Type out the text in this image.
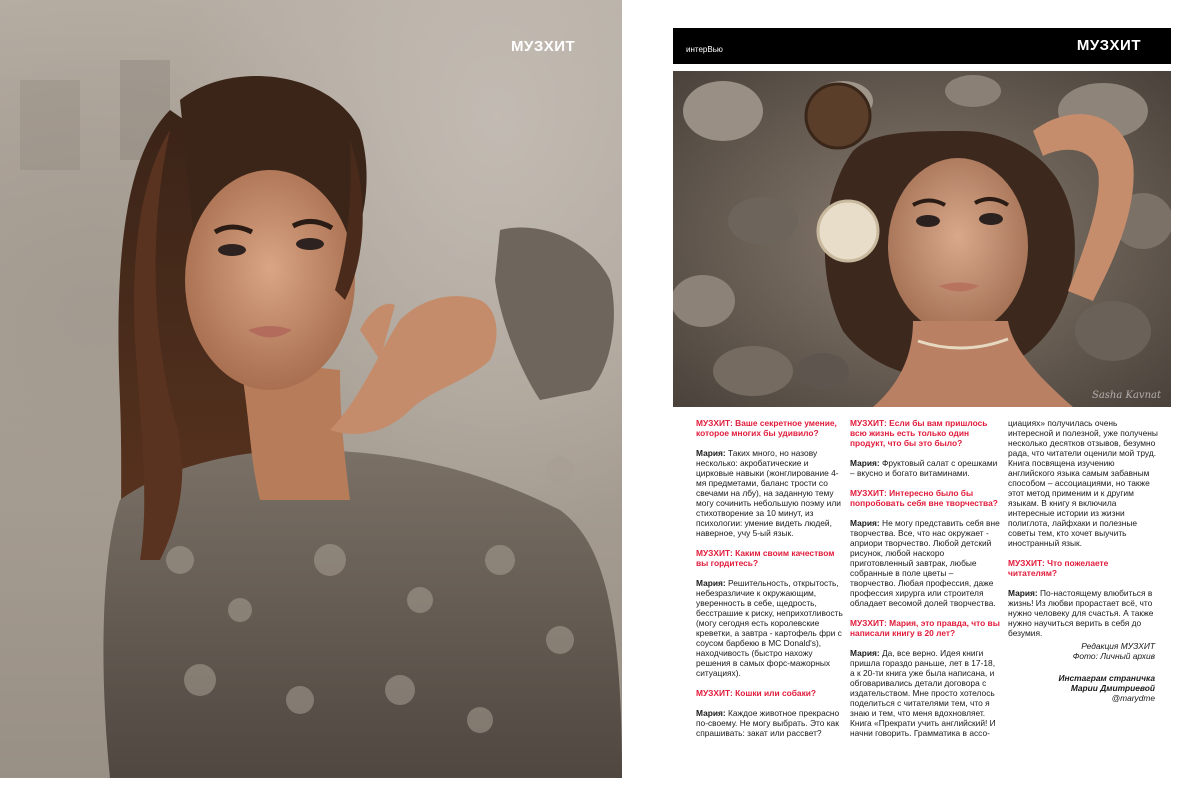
МУЗХИТ	интерВью	МУЗХИТ
Sasha Kavnat

МУЗХИТ: Ваше секретное умение, которое многих бы удивило?

Мария: Таких много, но назову несколько: акробатические и цирковые навыки (жонглирование 4-мя предметами, баланс трости со свечами на лбу), на заданную тему могу сочинить небольшую поэму или стихотворение за 10 минут, из психологии: умение видеть людей, наверное, учу 5-ый язык.

МУЗХИТ: Каким своим качеством вы гордитесь?

Мария: Решительность, открытость, небезразличие к окружающим, уверенность в себе, щедрость, бесстрашие к риску, неприхотливость (могу сегодня есть королевские креветки, а завтра - картофель фри с соусом барбекю в MC Donald's), находчивость (быстро нахожу решения в самых форс-мажорных ситуациях).

МУЗХИТ: Кошки или собаки?

Мария: Каждое животное прекрасно по-своему. Не могу выбрать. Это как спрашивать: закат или рассвет?

МУЗХИТ: Если бы вам пришлось всю жизнь есть только один продукт, что бы это было?

Мария: Фруктовый салат с орешками – вкусно и богато витаминами.

МУЗХИТ: Интересно было бы попробовать себя вне творчества?

Мария: Не могу представить себя вне творчества. Все, что нас окружает - априори творчество. Любой детский рисунок, любой наскоро приготовленный завтрак, любые собранные в поле цветы – творчество. Любая профессия, даже профессия хирурга или строителя обладает весомой долей творчества.

МУЗХИТ: Мария, это правда, что вы написали книгу в 20 лет?

Мария: Да, все верно. Идея книги пришла гораздо раньше, лет в 17-18, а к 20-ти книга уже была написана, и обговаривались детали договора с издательством. Мне просто хотелось поделиться с читателями тем, что я знаю и тем, что меня вдохновляет. Книга «Прекрати учить английский! И начни говорить. Грамматика в ассо-

циациях» получилась очень интересной и полезной, уже получены несколько десятков отзывов, безумно рада, что читатели оценили мой труд. Книга посвящена изучению английского языка самым забавным способом – ассоциациями, но также этот метод применим и к другим языкам. В книгу я включила интересные истории из жизни полиглота, лайфхаки и полезные советы тем, кто хочет выучить иностранный язык.

МУЗХИТ: Что пожелаете читателям?

Мария: По-настоящему влюбиться в жизнь! Из любви прорастает всё, что нужно человеку для счастья. А также нужно научиться верить в себя до безумия.

Редакция МУЗХИТ
Фото: Личный архив
Инстаграм страничка
Марии Дмитриевой
@marydme
